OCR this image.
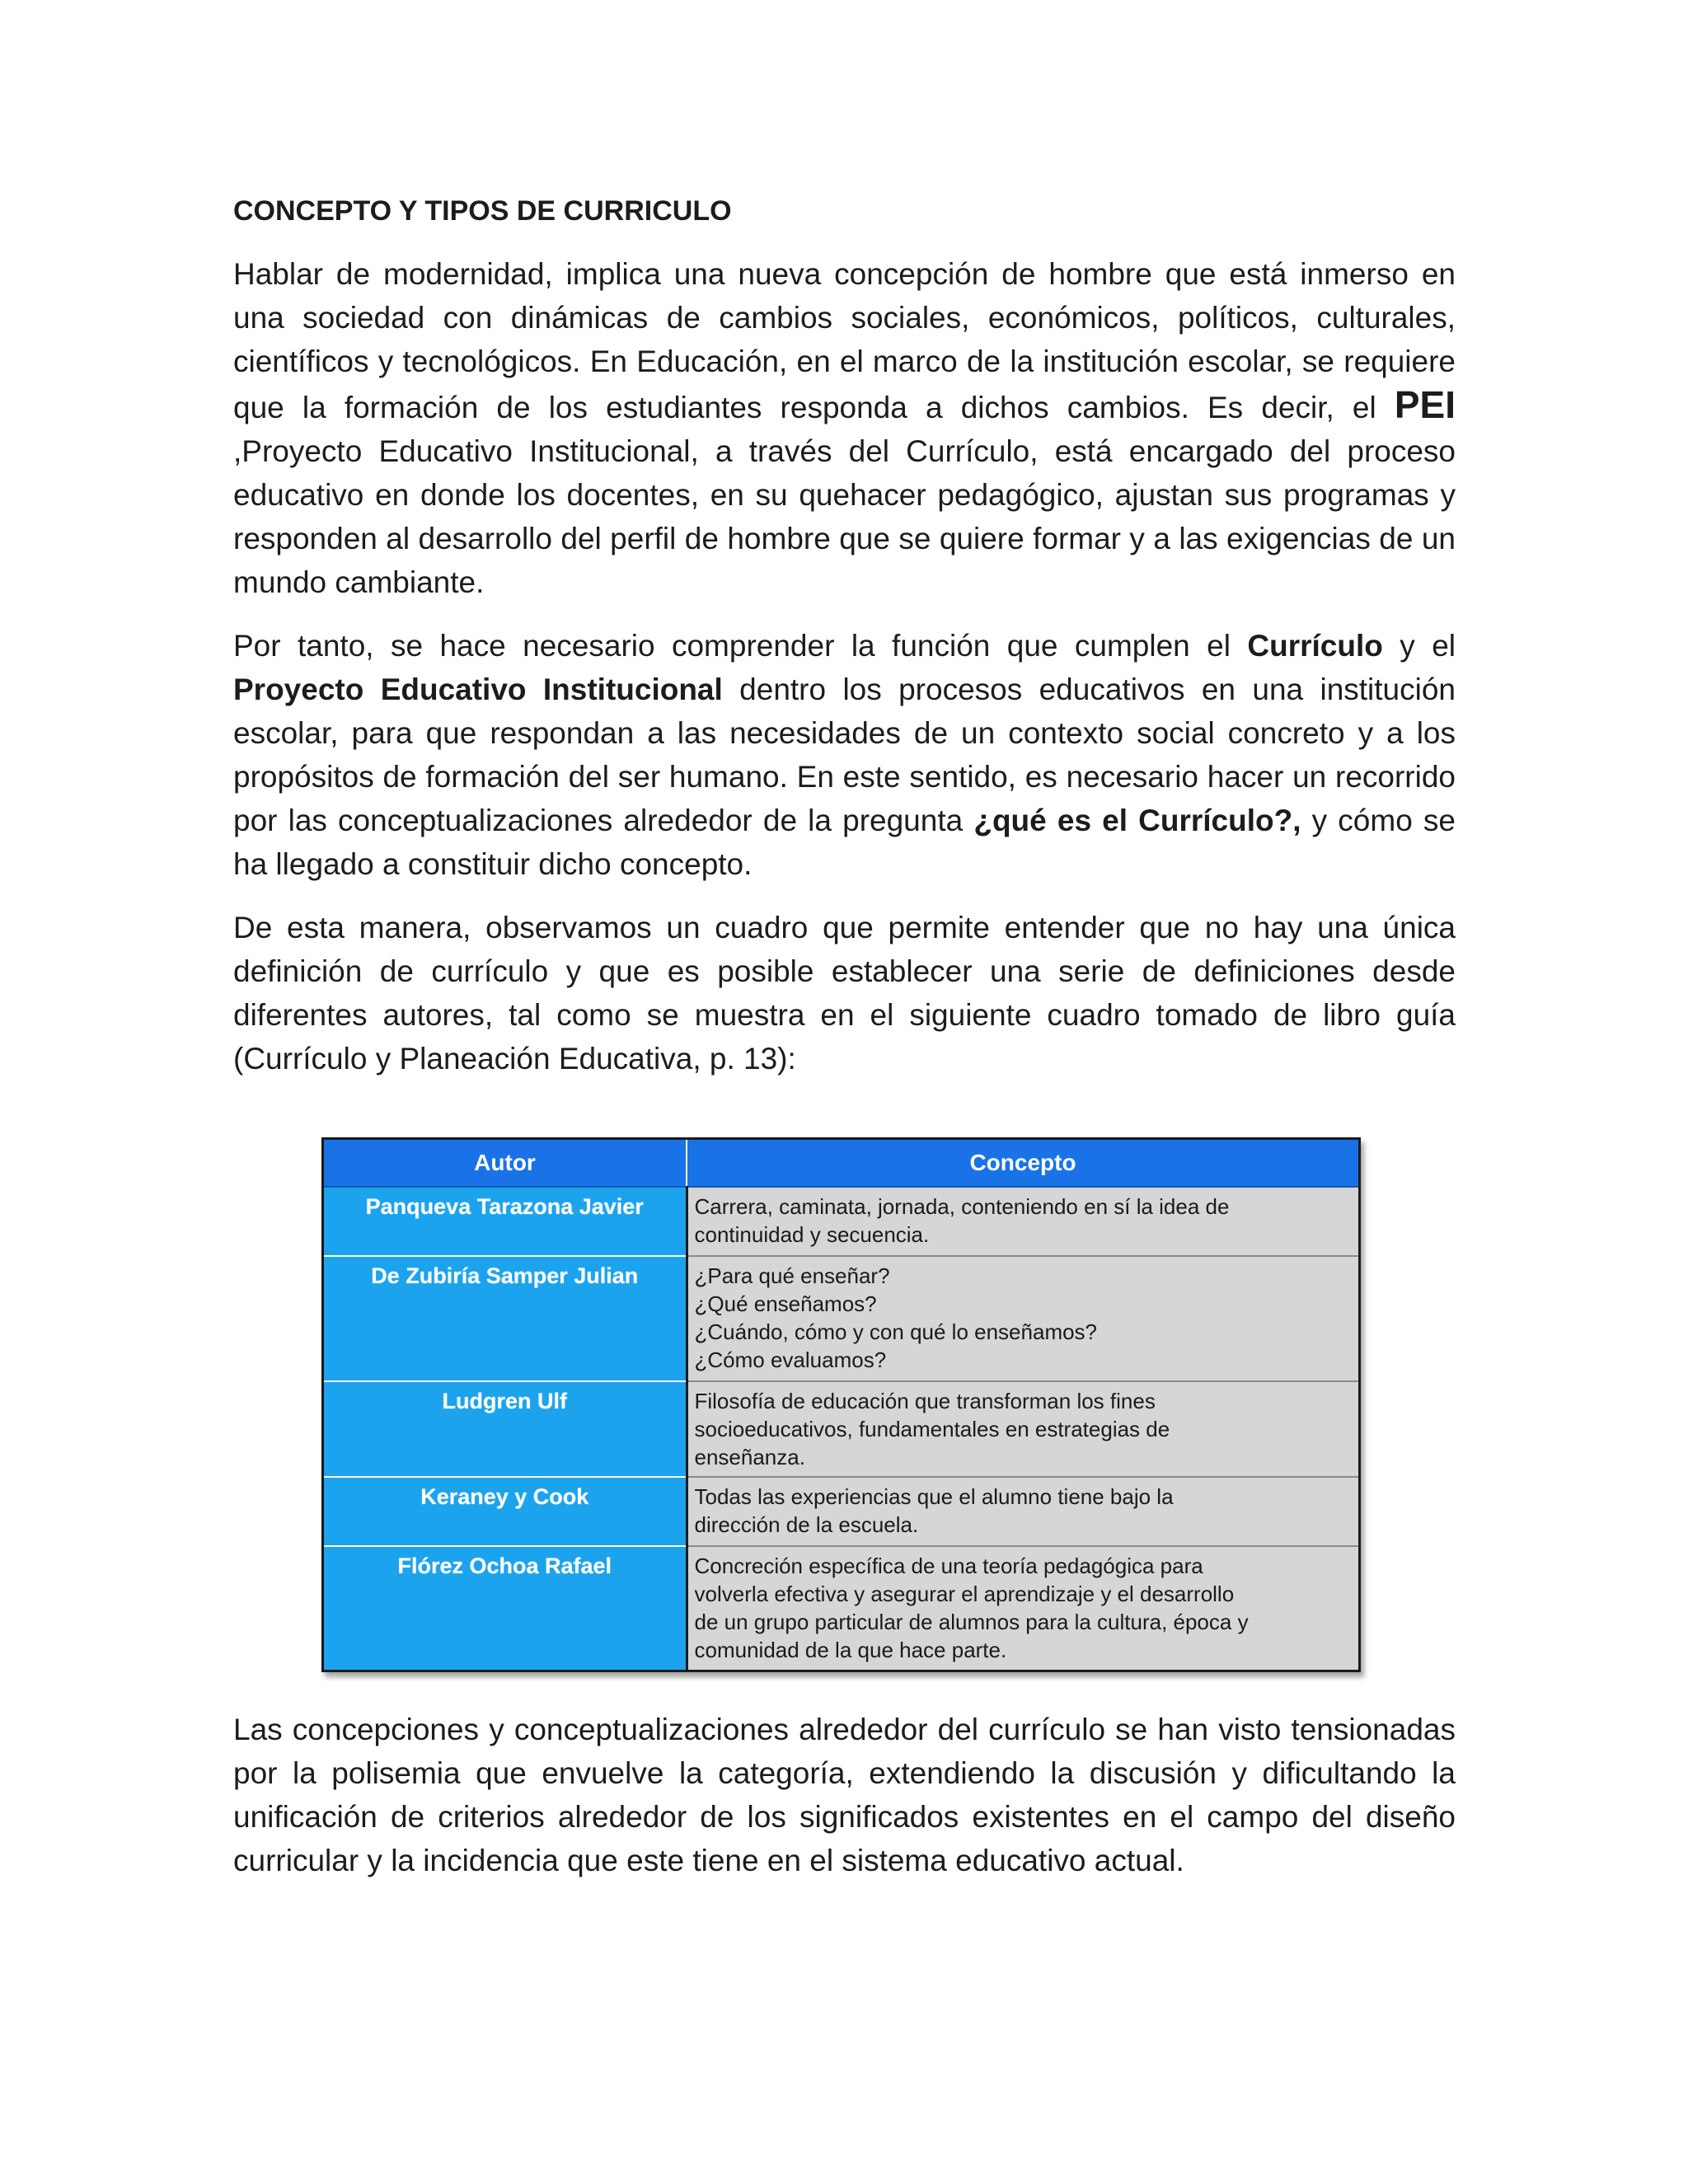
CONCEPTO Y TIPOS DE CURRICULO

Hablar de modernidad, implica una nueva concepción de hombre que está inmerso en una sociedad con dinámicas de cambios sociales, económicos, políticos, culturales, científicos y tecnológicos. En Educación, en el marco de la institución escolar, se requiere que la formación de los estudiantes responda a dichos cambios. Es decir, el PEI ,Proyecto Educativo Institucional, a través del Currículo, está encargado del proceso educativo en donde los docentes, en su quehacer pedagógico, ajustan sus programas y responden al desarrollo del perfil de hombre que se quiere formar y a las exigencias de un mundo cambiante.

Por tanto, se hace necesario comprender la función que cumplen el Currículo y el Proyecto Educativo Institucional dentro los procesos educativos en una institución escolar, para que respondan a las necesidades de un contexto social concreto y a los propósitos de formación del ser humano. En este sentido, es necesario hacer un recorrido por las conceptualizaciones alrededor de la pregunta ¿qué es el Currículo?, y cómo se ha llegado a constituir dicho concepto.

De esta manera, observamos un cuadro que permite entender que no hay una única definición de currículo y que es posible establecer una serie de definiciones desde diferentes autores, tal como se muestra en el siguiente cuadro tomado de libro guía (Currículo y Planeación Educativa, p. 13):

Autor	Concepto
Panqueva Tarazona Javier	Carrera, caminata, jornada, conteniendo en sí la idea de
continuidad y secuencia.
De Zubiría Samper Julian	¿Para qué enseñar?
¿Qué enseñamos?
¿Cuándo, cómo y con qué lo enseñamos?
¿Cómo evaluamos?
Ludgren Ulf	Filosofía de educación que transforman los fines
socioeducativos, fundamentales en estrategias de
enseñanza.
Keraney y Cook	Todas las experiencias que el alumno tiene bajo la
dirección de la escuela.
Flórez Ochoa Rafael	Concreción específica de una teoría pedagógica para
volverla efectiva y asegurar el aprendizaje y el desarrollo
de un grupo particular de alumnos para la cultura, época y
comunidad de la que hace parte.

Las concepciones y conceptualizaciones alrededor del currículo se han visto tensionadas por la polisemia que envuelve la categoría, extendiendo la discusión y dificultando la unificación de criterios alrededor de los significados existentes en el campo del diseño curricular y la incidencia que este tiene en el sistema educativo actual.
